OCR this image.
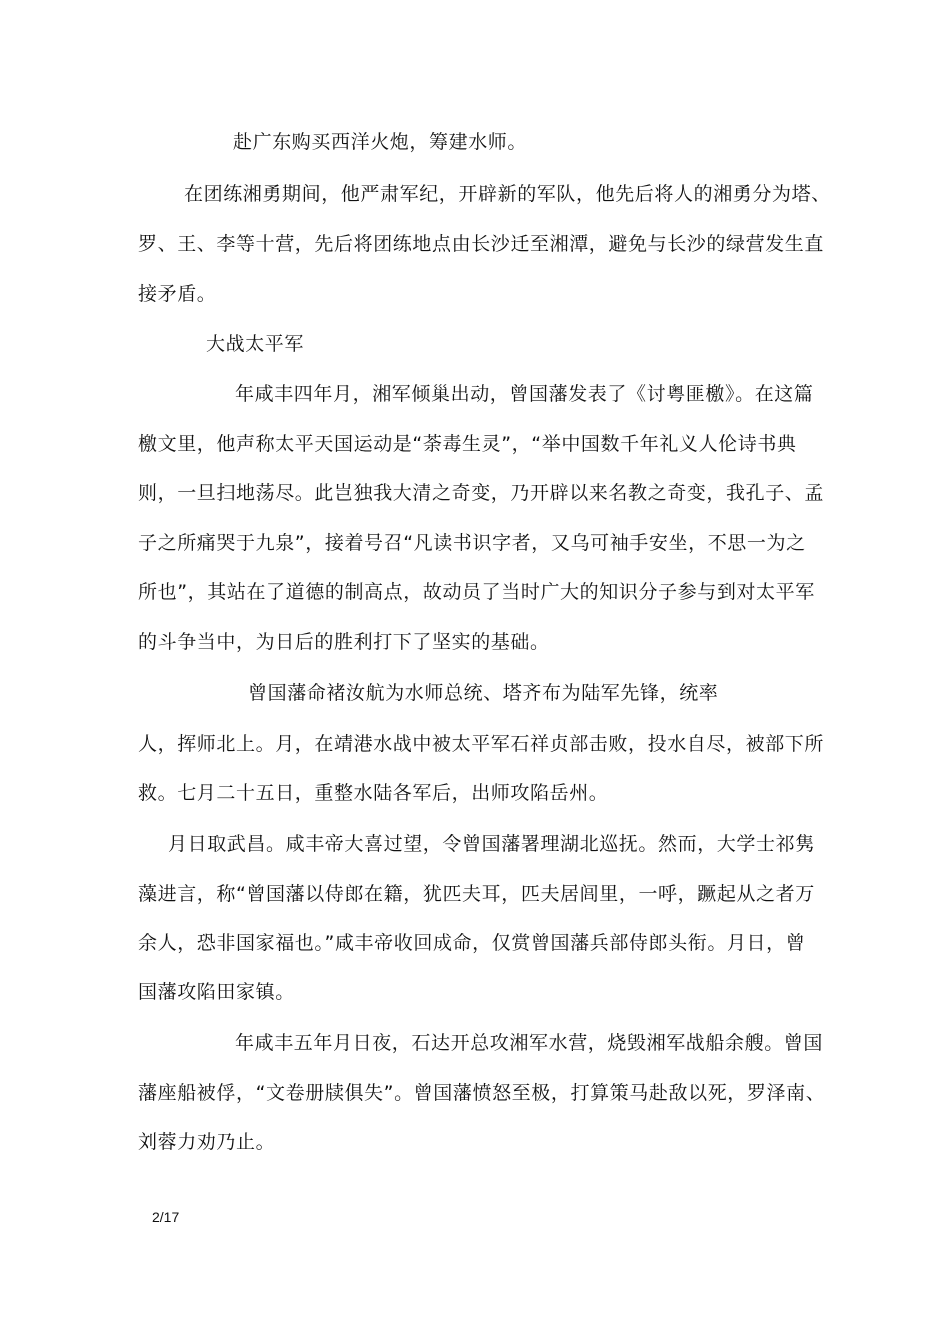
赴广东购买西洋火炮，筹建水师。
在团练湘勇期间，他严肃军纪，开辟新的军队，他先后将人的湘勇分为塔、
罗、王、李等十营，先后将团练地点由长沙迁至湘潭，避免与长沙的绿营发生直
接矛盾。
大战太平军
年咸丰四年月，湘军倾巢出动，曾国藩发表了《讨粤匪檄》。在这篇
檄文里，他声称太平天国运动是“荼毒生灵”，“举中国数千年礼义人伦诗书典
则，一旦扫地荡尽。此岂独我大清之奇变，乃开辟以来名教之奇变，我孔子、孟
子之所痛哭于九泉”，接着号召“凡读书识字者，又乌可袖手安坐，不思一为之
所也”，其站在了道德的制高点，故动员了当时广大的知识分子参与到对太平军
的斗争当中，为日后的胜利打下了坚实的基础。
曾国藩命褚汝航为水师总统、塔齐布为陆军先锋，统率
人，挥师北上。月，在靖港水战中被太平军石祥贞部击败，投水自尽，被部下所
救。七月二十五日，重整水陆各军后，出师攻陷岳州。
月日取武昌。咸丰帝大喜过望，令曾国藩署理湖北巡抚。然而，大学士祁隽
藻进言，称“曾国藩以侍郎在籍，犹匹夫耳，匹夫居闾里，一呼，蹶起从之者万
余人，恐非国家福也。”咸丰帝收回成命，仅赏曾国藩兵部侍郎头衔。月日，曾
国藩攻陷田家镇。
年咸丰五年月日夜，石达开总攻湘军水营，烧毁湘军战船余艘。曾国
藩座船被俘，“文卷册牍俱失”。曾国藩愤怒至极，打算策马赴敌以死，罗泽南、
刘蓉力劝乃止。
2/17
